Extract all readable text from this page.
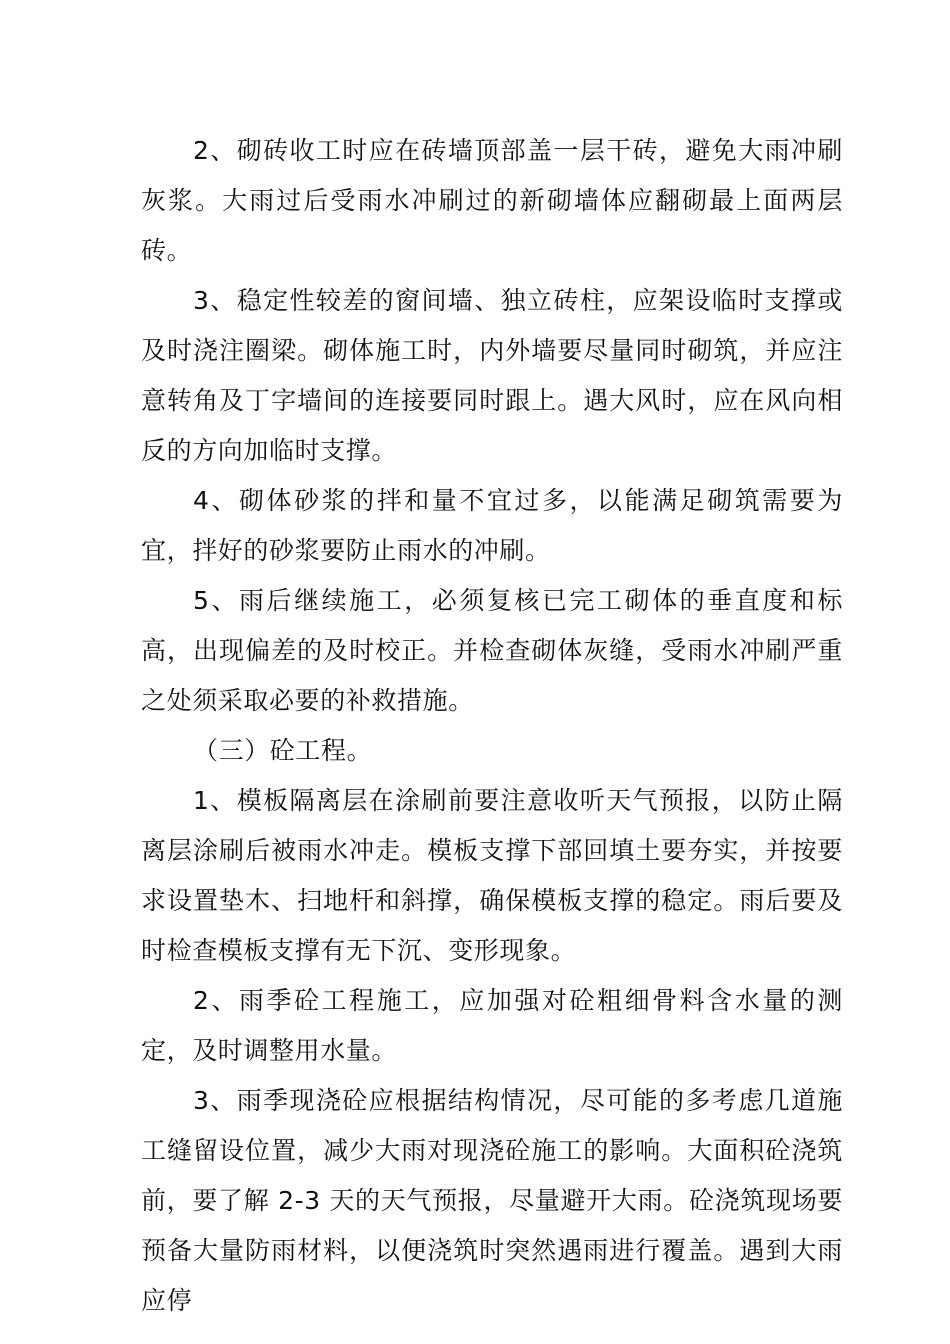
2、砌砖收工时应在砖墙顶部盖一层干砖，避免大雨冲刷灰浆。大雨过后受雨水冲刷过的新砌墙体应翻砌最上面两层砖。

3、稳定性较差的窗间墙、独立砖柱，应架设临时支撑或及时浇注圈梁。砌体施工时，内外墙要尽量同时砌筑，并应注意转角及丁字墙间的连接要同时跟上。遇大风时，应在风向相反的方向加临时支撑。

4、砌体砂浆的拌和量不宜过多，以能满足砌筑需要为宜，拌好的砂浆要防止雨水的冲刷。

5、雨后继续施工，必须复核已完工砌体的垂直度和标高，出现偏差的及时校正。并检查砌体灰缝，受雨水冲刷严重之处须采取必要的补救措施。

（三）砼工程。

1、模板隔离层在涂刷前要注意收听天气预报，以防止隔离层涂刷后被雨水冲走。模板支撑下部回填土要夯实，并按要求设置垫木、扫地杆和斜撑，确保模板支撑的稳定。雨后要及时检查模板支撑有无下沉、变形现象。

2、雨季砼工程施工，应加强对砼粗细骨料含水量的测定，及时调整用水量。

3、雨季现浇砼应根据结构情况，尽可能的多考虑几道施工缝留设位置，减少大雨对现浇砼施工的影响。大面积砼浇筑前，要了解 2-3 天的天气预报，尽量避开大雨。砼浇筑现场要预备大量防雨材料，以便浇筑时突然遇雨进行覆盖。遇到大雨应停
